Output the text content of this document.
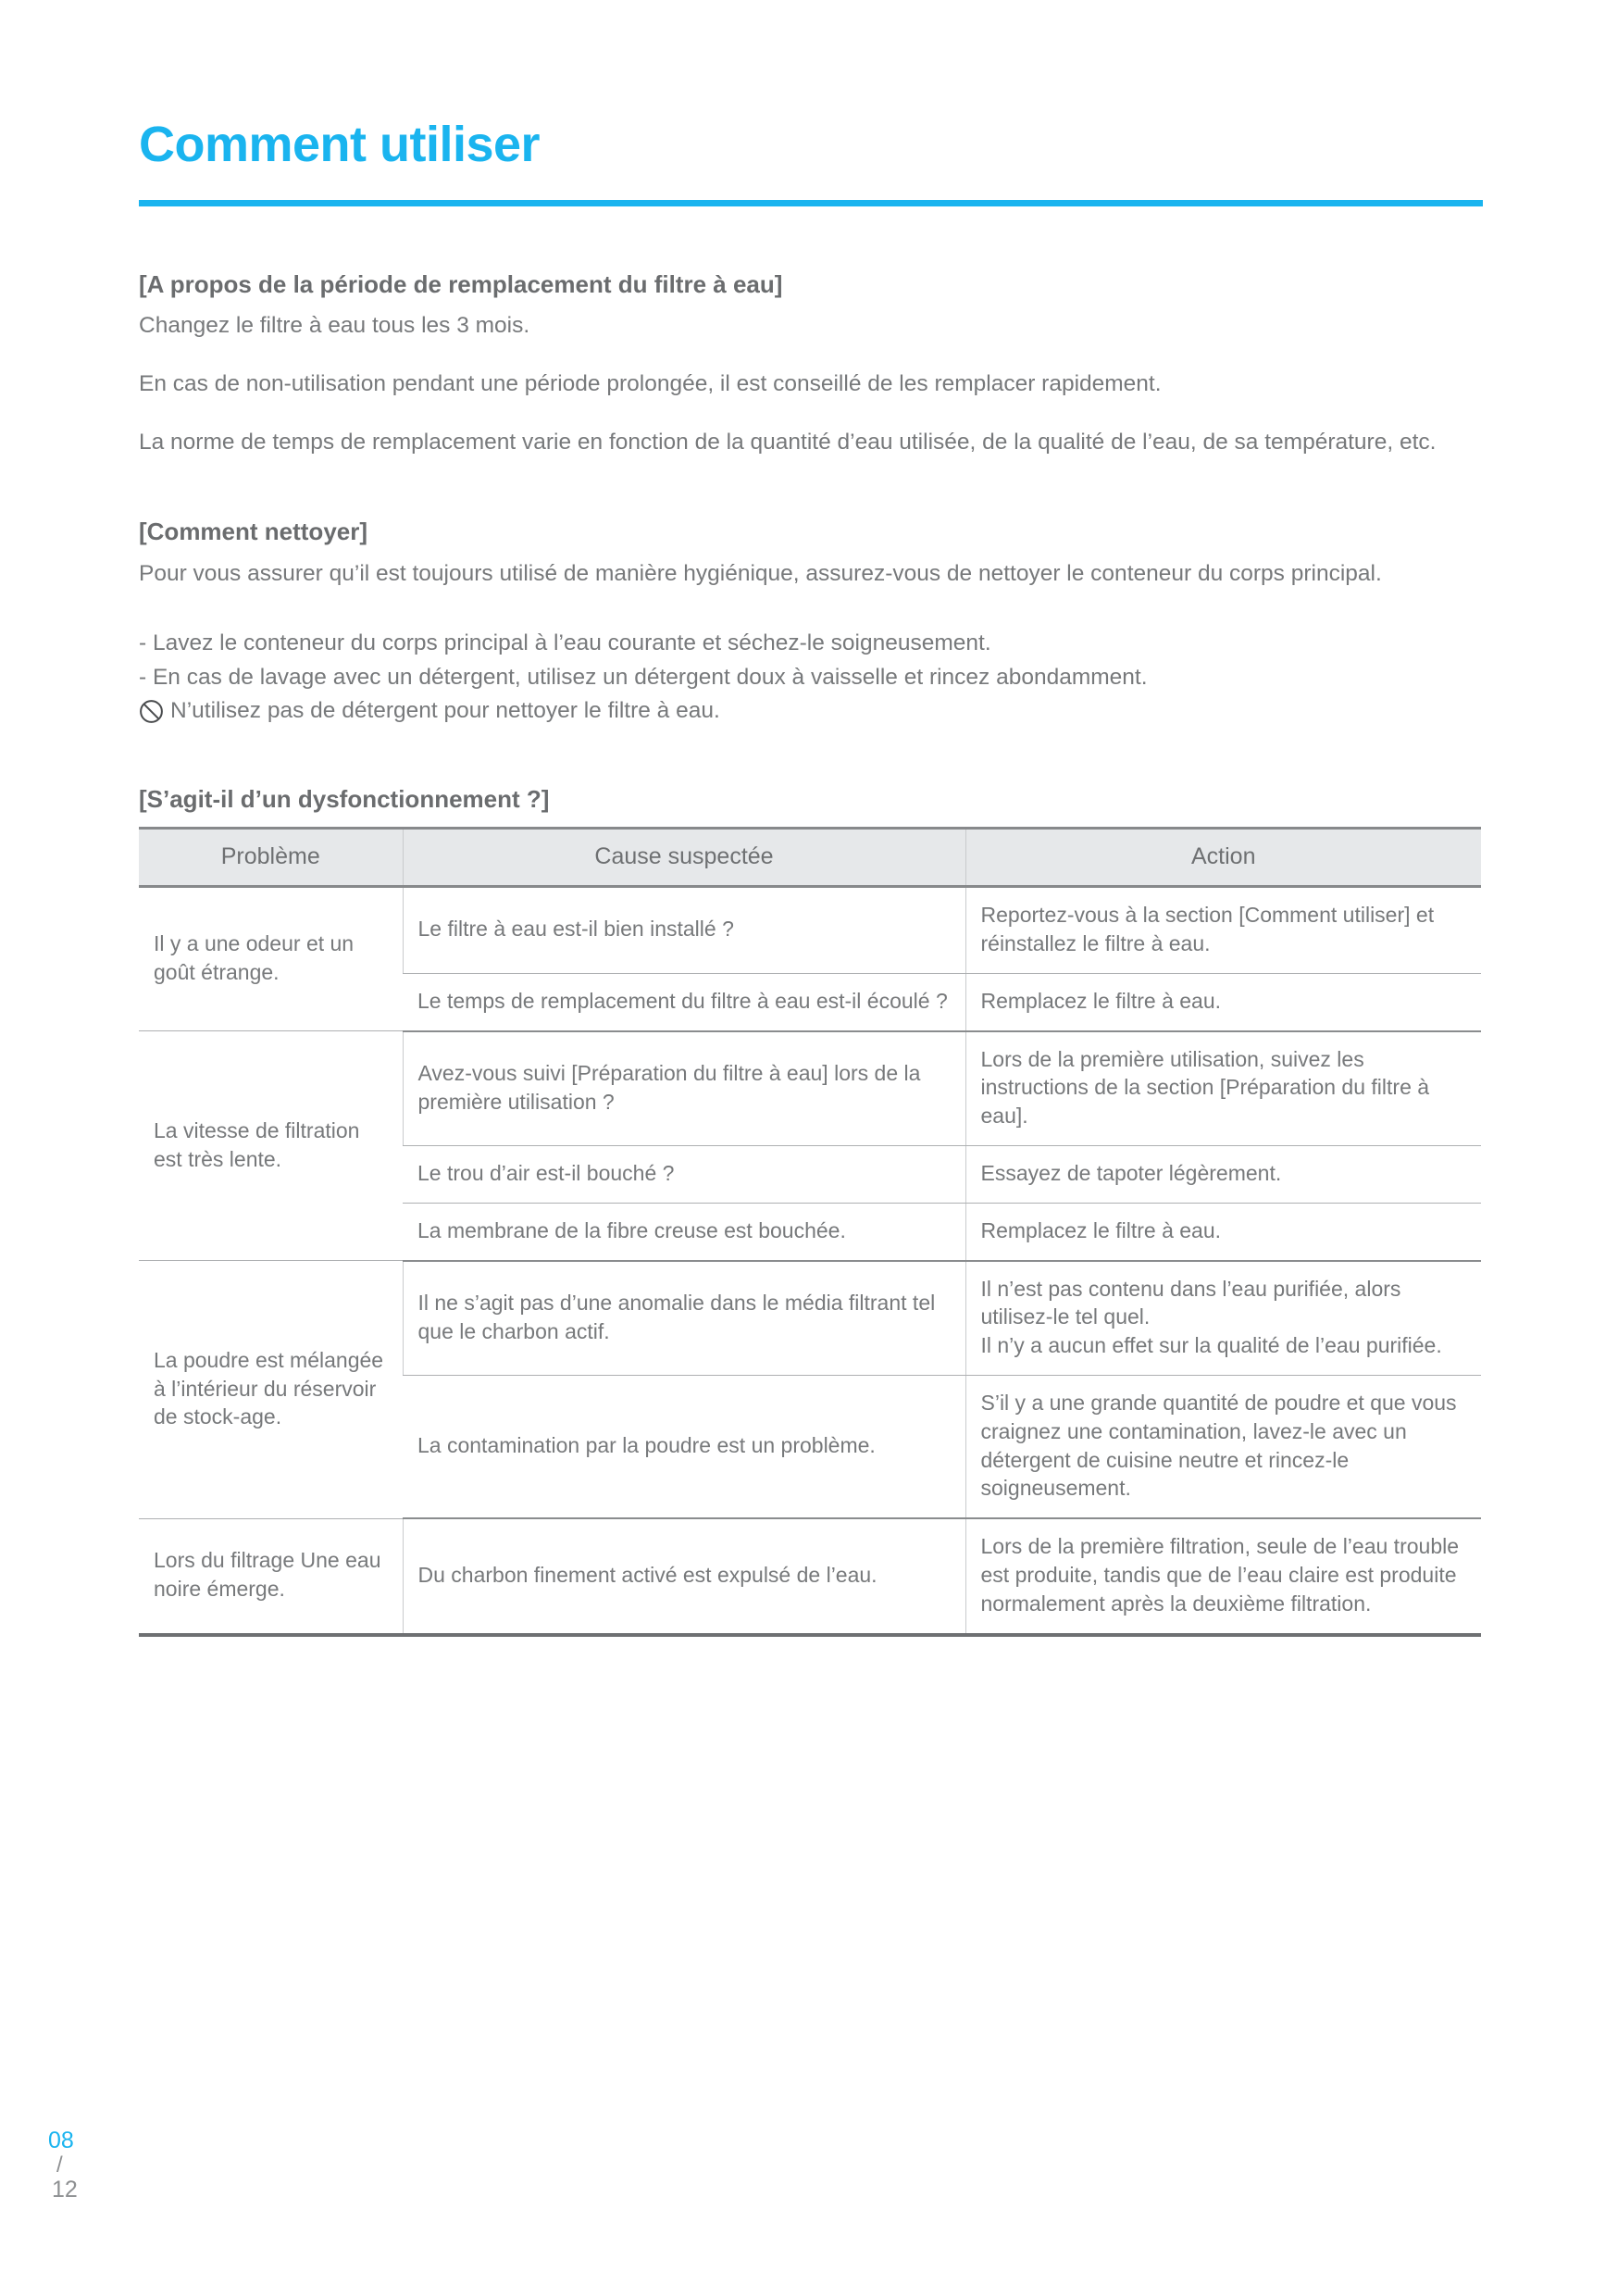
Comment utiliser

[A propos de la période de remplacement du filtre à eau]

Changez le filtre à eau tous les 3 mois.

En cas de non-utilisation pendant une période prolongée, il est conseillé de les remplacer rapidement.

La norme de temps de remplacement varie en fonction de la quantité d’eau utilisée, de la qualité de l’eau, de sa température, etc.

[Comment nettoyer]

Pour vous assurer qu’il est toujours utilisé de manière hygiénique, assurez-vous de nettoyer le conteneur du corps principal.

- Lavez le conteneur du corps principal à l’eau courante et séchez-le soigneusement.

- En cas de lavage avec un détergent, utilisez un détergent doux à vaisselle et rincez abondamment.

N’utilisez pas de détergent pour nettoyer le filtre à eau.

[S’agit-il d’un dysfonctionnement ?]

Problème	Cause suspectée	Action
Il y a une odeur et un goût étrange.	Le filtre à eau est-il bien installé ?	Reportez-vous à la section [Comment utiliser] et réinstallez le filtre à eau.
	Le temps de remplacement du filtre à eau est-il écoulé ?	Remplacez le filtre à eau.
La vitesse de filtration est très lente.	Avez-vous suivi [Préparation du filtre à eau] lors de la première utilisation ?	Lors de la première utilisation, suivez les instructions de la section [Préparation du filtre à eau].
	Le trou d’air est-il bouché ?	Essayez de tapoter légèrement.
	La membrane de la fibre creuse est bouchée.	Remplacez le filtre à eau.
La poudre est mélangée à l’intérieur du réservoir de stock-age.	Il ne s’agit pas d’une anomalie dans le média filtrant tel que le charbon actif.	Il n’est pas contenu dans l’eau purifiée, alors utilisez-le tel quel.
Il n’y a aucun effet sur la qualité de l’eau purifiée.
	La contamination par la poudre est un problème.	S’il y a une grande quantité de poudre et que vous craignez une contamination, lavez-le avec un détergent de cuisine neutre et rincez-le soigneusement.
Lors du filtrage Une eau noire émerge.	Du charbon finement activé est expulsé de l’eau.	Lors de la première filtration, seule de l’eau trouble est produite, tandis que de l’eau claire est produite normalement après la deuxième filtration.
08
/
12
